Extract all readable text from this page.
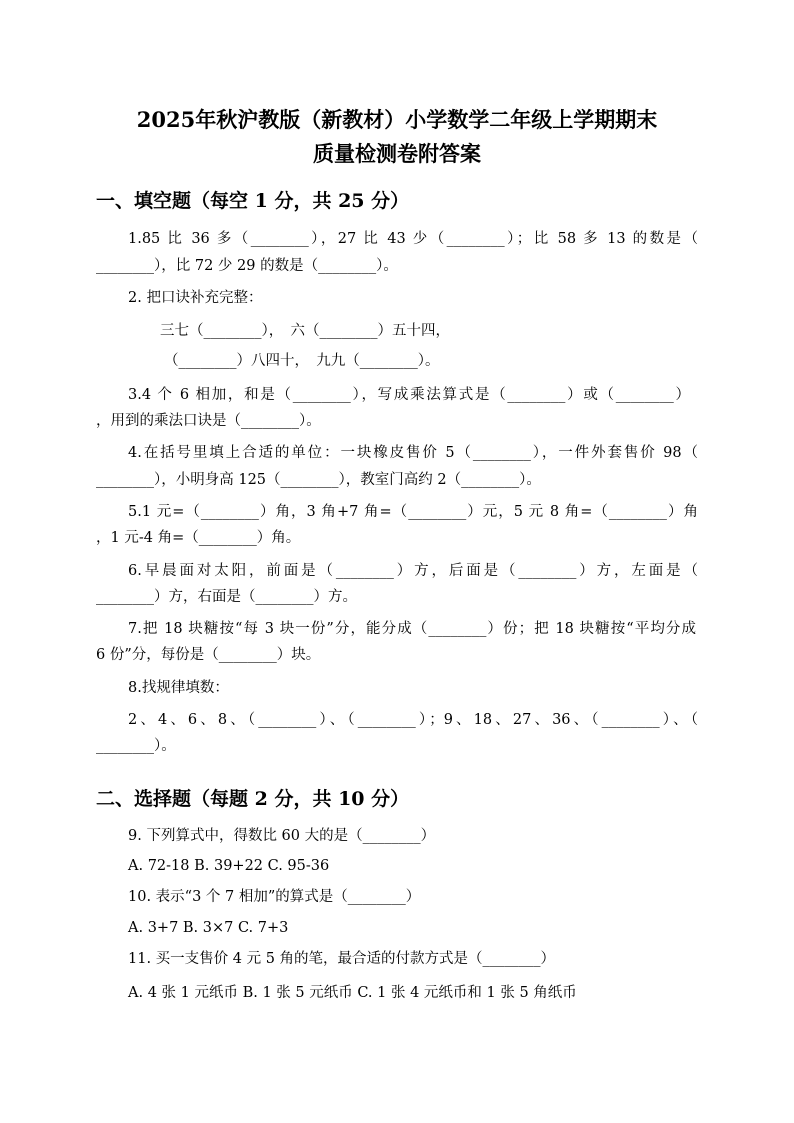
2025年秋沪教版（新教材）小学数学二年级上学期期末
质量检测卷附答案
一、填空题（每空 1 分，共 25 分）
1.85 比 36 多（________），27 比 43 少（________）；比 58 多 13 的数是（
________），比 72 少 29 的数是（________）。
2. 把口诀补充完整：
三七（________），　六（________）五十四，
（________）八四十，　九九（________）。
3.4 个 6 相加，和是（________），写成乘法算式是（________）或（________）
，用到的乘法口诀是（________）。
4.在括号里填上合适的单位：一块橡皮售价 5（________），一件外套售价 98（
________），小明身高 125（________），教室门高约 2（________）。
5.1 元=（________）角，3 角+7 角=（________）元，5 元 8 角=（________）角
，1 元-4 角=（________）角。
6.早晨面对太阳，前面是（________）方，后面是（________）方，左面是（
________）方，右面是（________）方。
7.把 18 块糖按“每 3 块一份”分，能分成（________）份；把 18 块糖按“平均分成
6 份”分，每份是（________）块。
8.找规律填数：
2、4、6、8、（________）、（________）；9、18、27、36、（________）、（
________）。
二、选择题（每题 2 分，共 10 分）
9. 下列算式中，得数比 60 大的是（________）
A. 72-18 B. 39+22 C. 95-36
10. 表示“3 个 7 相加”的算式是（________）
A. 3+7 B. 3×7 C. 7+3
11. 买一支售价 4 元 5 角的笔，最合适的付款方式是（________）
A. 4 张 1 元纸币 B. 1 张 5 元纸币 C. 1 张 4 元纸币和 1 张 5 角纸币
